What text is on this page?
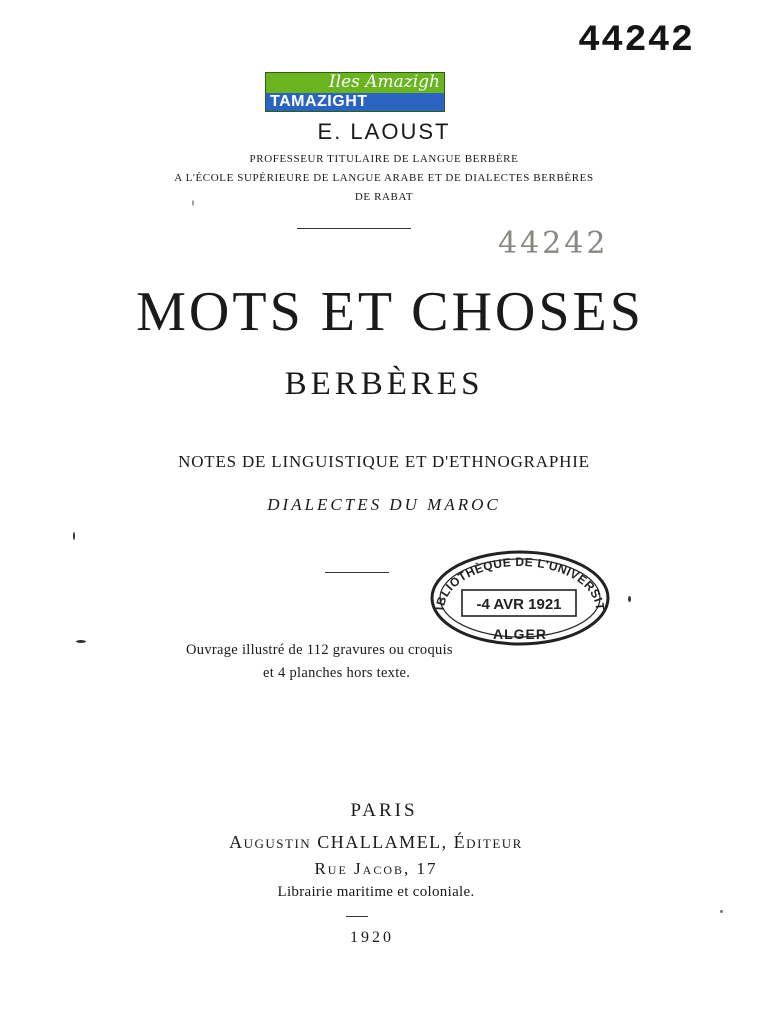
44242
Iles Amazigh
TAMAZIGHT
E. LAOUST
PROFESSEUR TITULAIRE DE LANGUE BERBÈRE
A L'ÉCOLE SUPÉRIEURE DE LANGUE ARABE ET DE DIALECTES BERBÈRES
DE RABAT
44242
MOTS ET CHOSES
BERBÈRES
NOTES DE LINGUISTIQUE ET D'ETHNOGRAPHIE
DIALECTES DU MAROC
IBLIOTHÈQUE DE L'UNIVERSIT
-4 AVR 1921
ALGER
Ouvrage illustré de 112 gravures ou croquis
et 4 planches hors texte.
PARIS
Augustin CHALLAMEL, Éditeur
Rue Jacob, 17
Librairie maritime et coloniale.
1920
